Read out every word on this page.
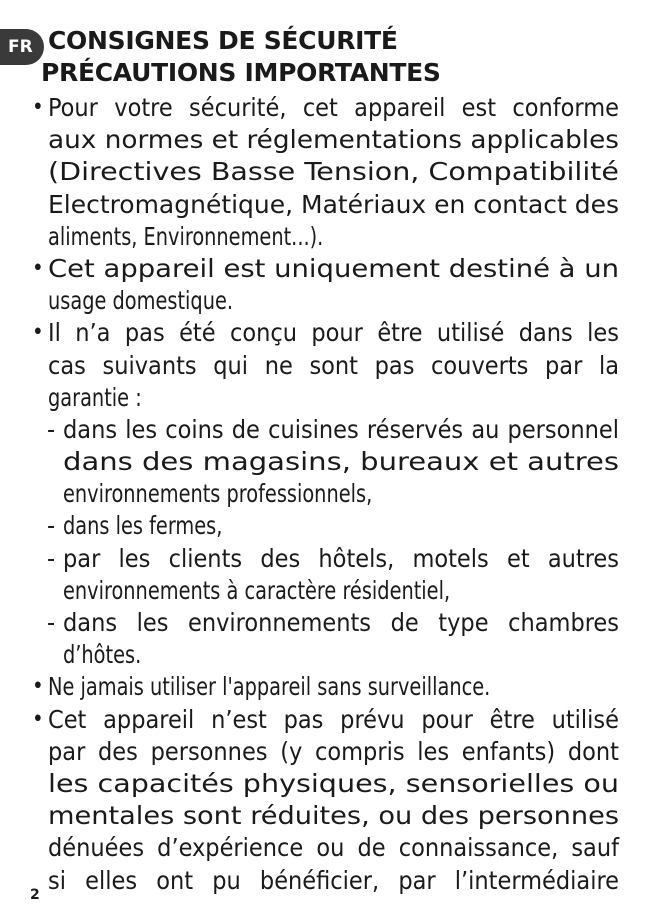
FR CONSIGNES DE SÉCURITÉ
PRÉCAUTIONS IMPORTANTES
• Pour votre sécurité, cet appareil est conforme
aux normes et réglementations applicables
(Directives Basse Tension, Compatibilité
Electromagnétique, Matériaux en contact des
aliments, Environnement...).
• Cet appareil est uniquement destiné à un
usage domestique.
• Il n’a pas été conçu pour être utilisé dans les
cas suivants qui ne sont pas couverts par la
garantie :
- dans les coins de cuisines réservés au personnel
dans des magasins, bureaux et autres
environnements professionnels,
- dans les fermes,
- par les clients des hôtels, motels et autres
environnements à caractère résidentiel,
- dans les environnements de type chambres
d’hôtes.
• Ne jamais utiliser l'appareil sans surveillance.
• Cet appareil n’est pas prévu pour être utilisé
par des personnes (y compris les enfants) dont
les capacités physiques, sensorielles ou
mentales sont réduites, ou des personnes
dénuées d’expérience ou de connaissance, sauf
si elles ont pu bénéficier, par l’intermédiaire
2
